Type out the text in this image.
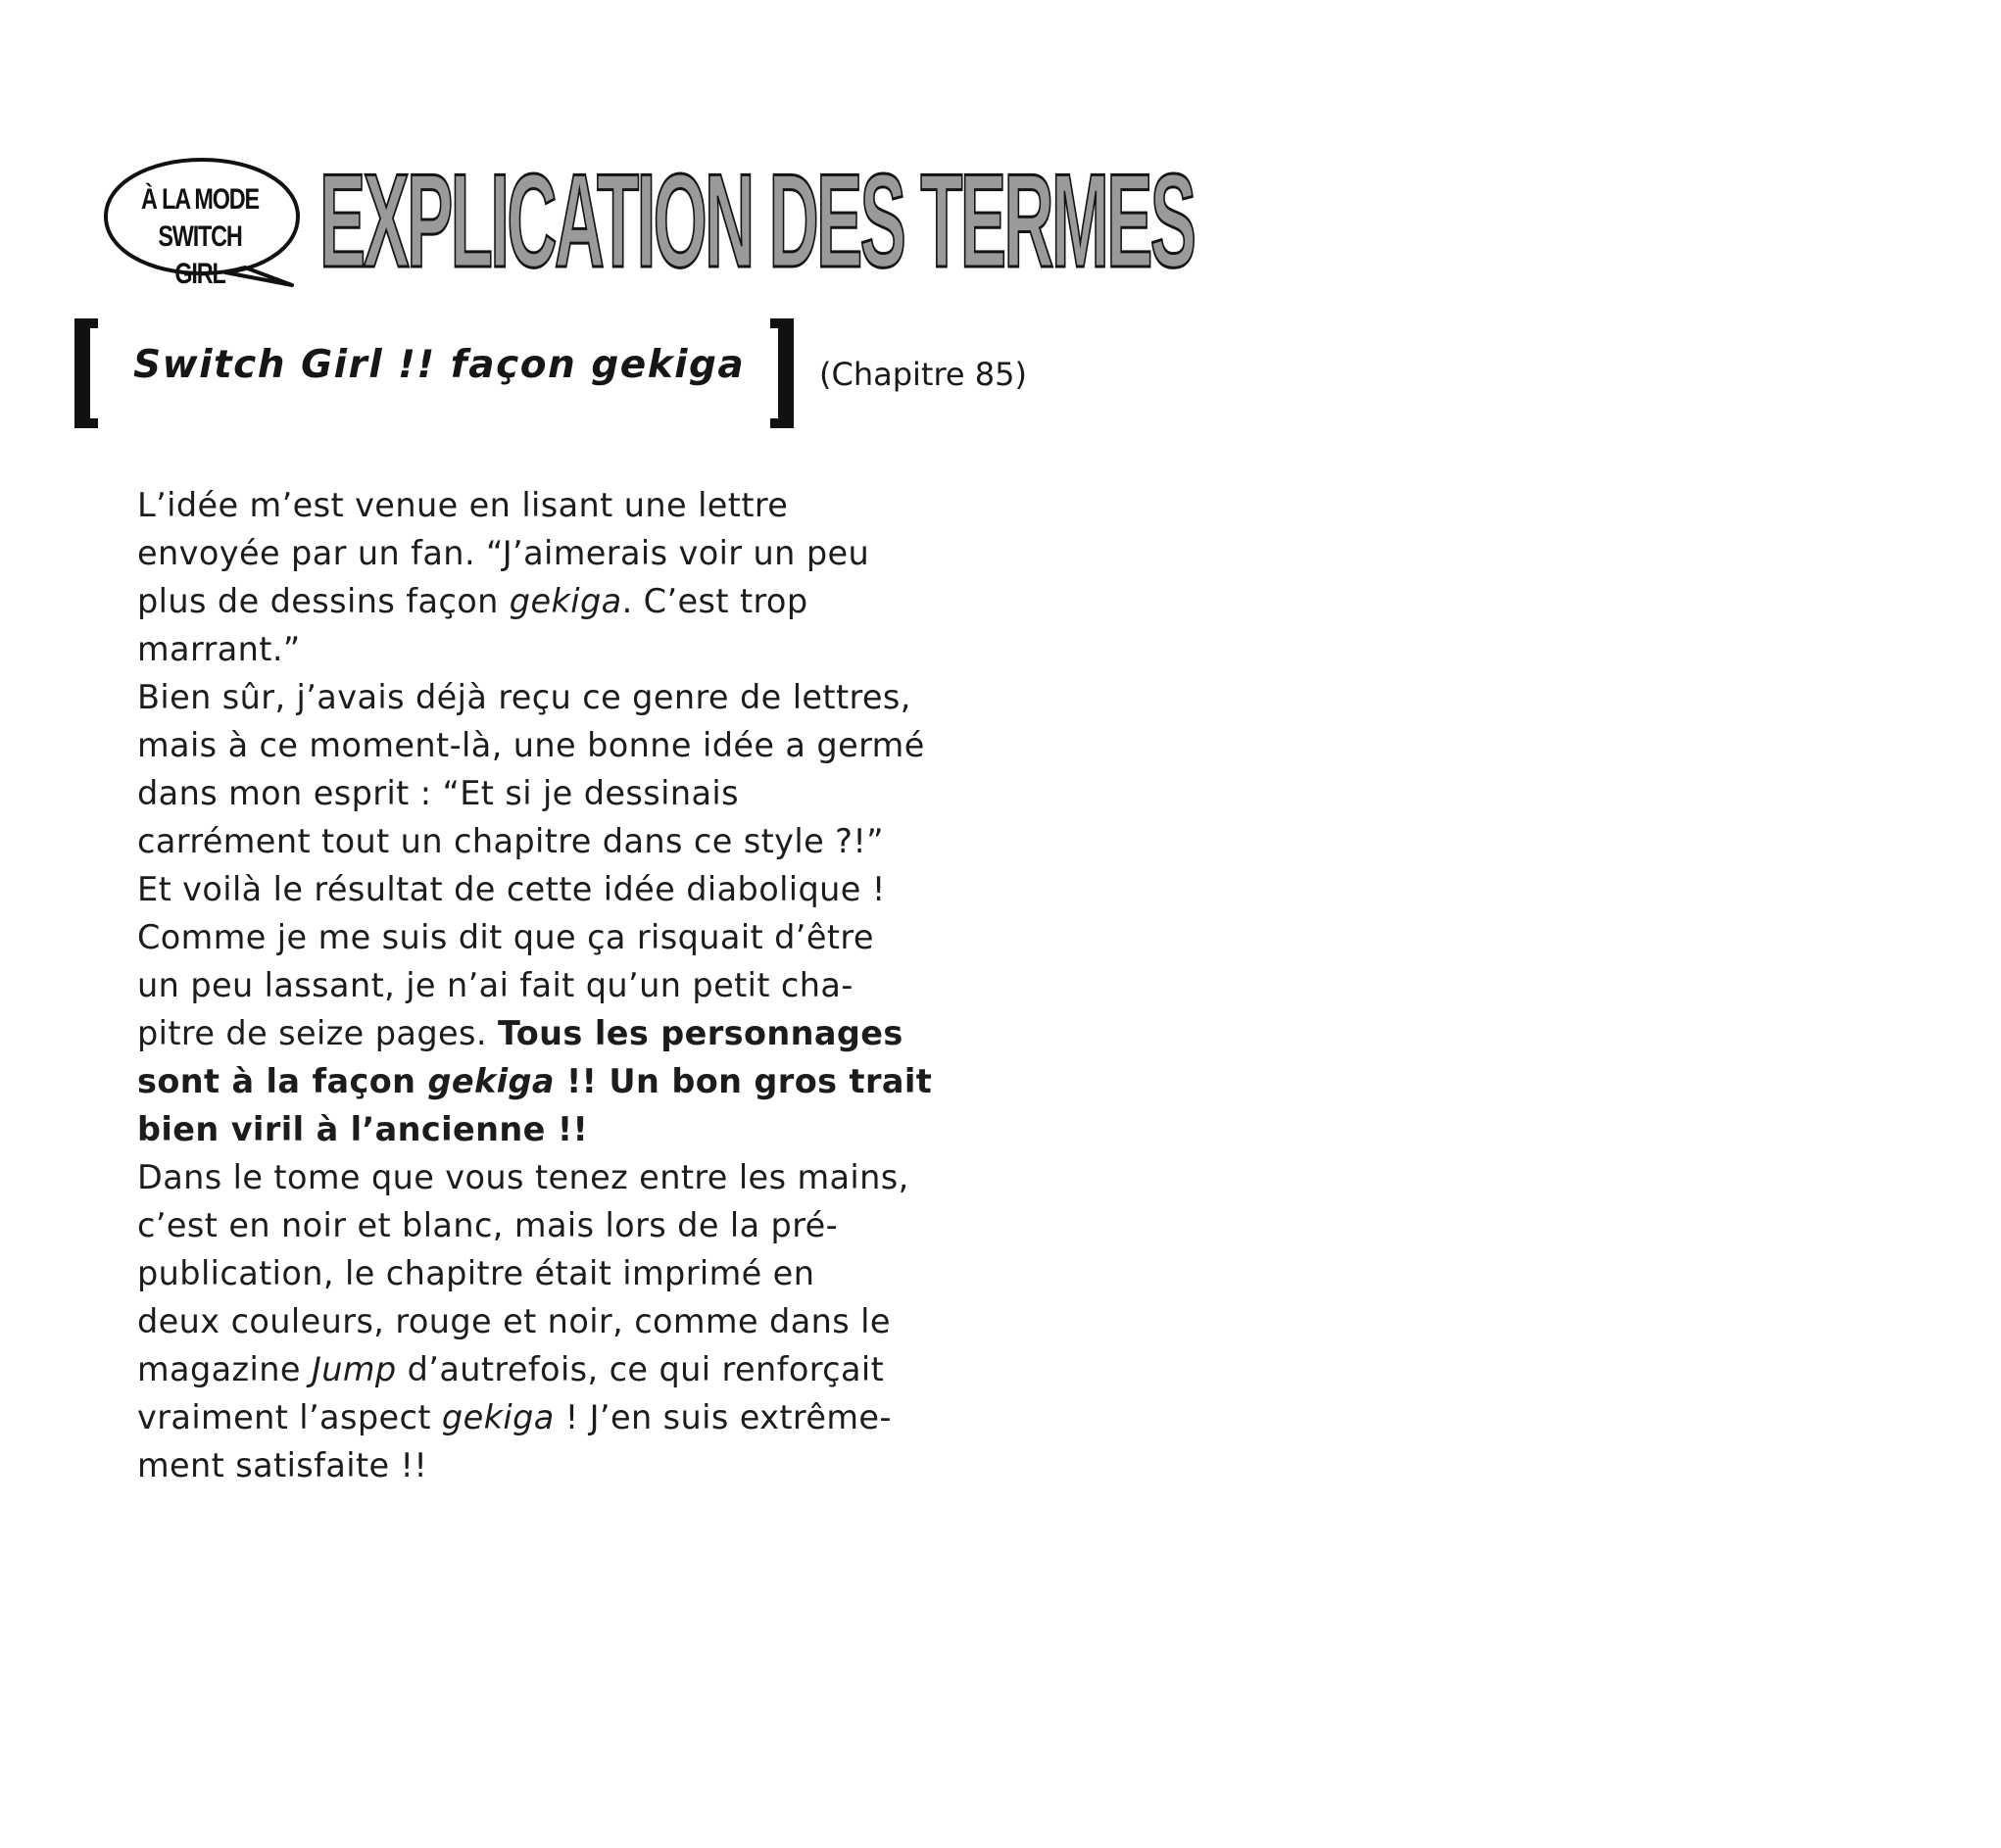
À LA MODE
SWITCH GIRL EXPLICATION DES TERMES
Switch Girl !! façon gekiga (Chapitre 85)
L’idée m’est venue en lisant une lettre
envoyée par un fan. “J’aimerais voir un peu
plus de dessins façon gekiga. C’est trop
marrant.”
Bien sûr, j’avais déjà reçu ce genre de lettres,
mais à ce moment-là, une bonne idée a germé
dans mon esprit : “Et si je dessinais
carrément tout un chapitre dans ce style ?!”
Et voilà le résultat de cette idée diabolique !
Comme je me suis dit que ça risquait d’être
un peu lassant, je n’ai fait qu’un petit cha-
pitre de seize pages. Tous les personnages
sont à la façon gekiga !! Un bon gros trait
bien viril à l’ancienne !!
Dans le tome que vous tenez entre les mains,
c’est en noir et blanc, mais lors de la pré-
publication, le chapitre était imprimé en
deux couleurs, rouge et noir, comme dans le
magazine Jump d’autrefois, ce qui renforçait
vraiment l’aspect gekiga ! J’en suis extrême-
ment satisfaite !!
